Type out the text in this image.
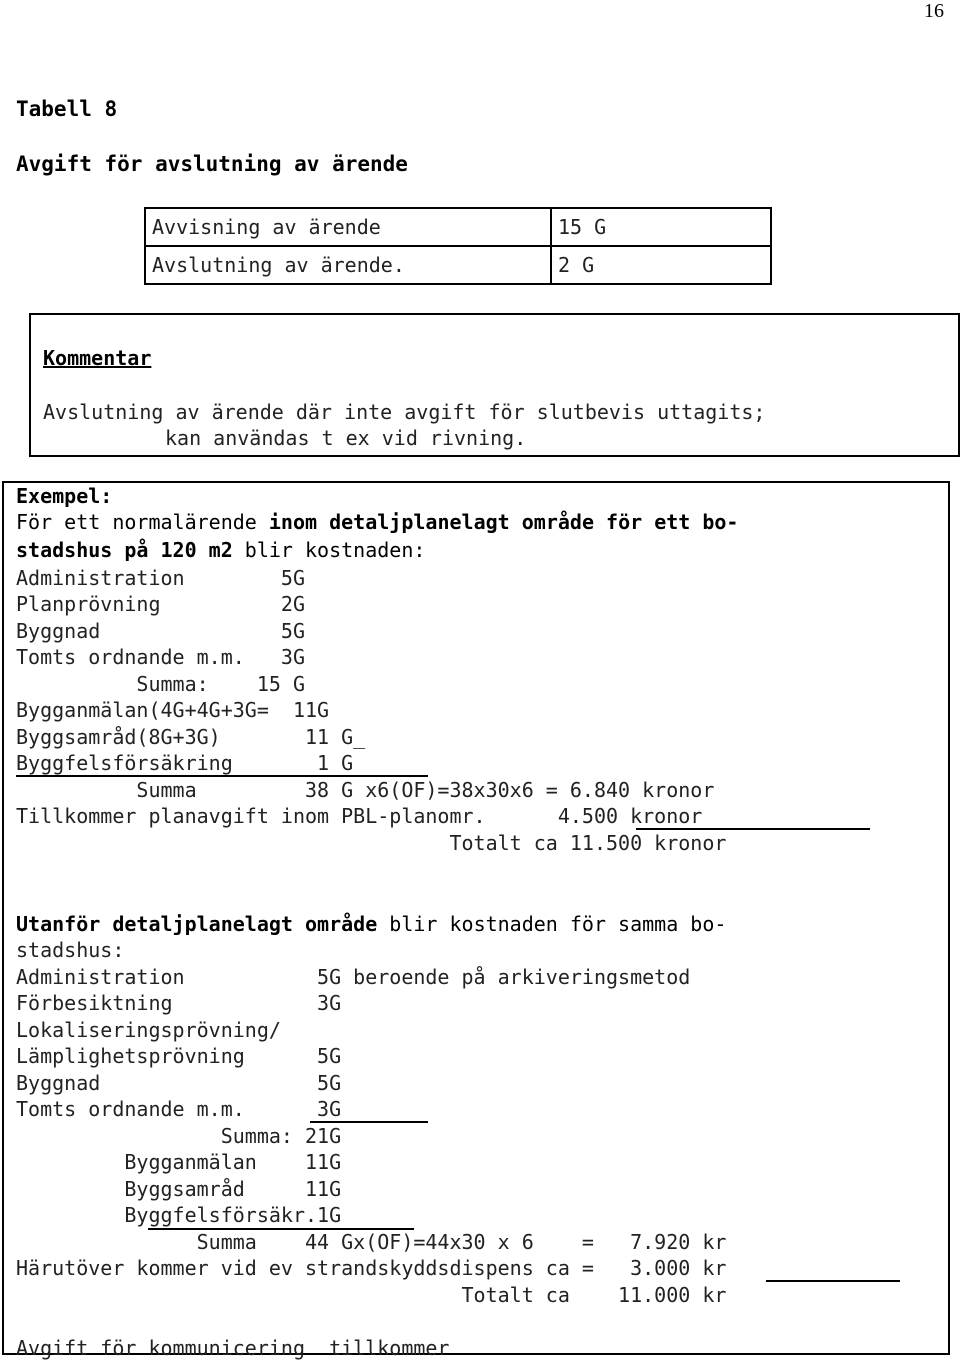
16
Tabell 8
Avgift för avslutning av ärende
Avvisning av ärende	15 G
Avslutning av ärende.	2 G
Kommentar
Avslutning av ärende där inte avgift för slutbevis uttagits;
kan användas t ex vid rivning.
Exempel:
För ett normalärende inom detaljplanelagt område för ett bo-
stadshus på 120 m2 blir kostnaden:
Administration        5G
Planprövning          2G
Byggnad               5G
Tomts ordnande m.m.   3G
Summa:    15 G
Bygganmälan(4G+4G+3G=  11G
Byggsamråd(8G+3G)       11 G_
Byggfelsförsäkring       1 G
Summa         38 G x6(OF)=38x30x6 = 6.840 kronor
Tillkommer planavgift inom PBL-planomr.      4.500 kronor
Totalt ca 11.500 kronor
Utanför detaljplanelagt område blir kostnaden för samma bo-
stadshus:
Administration           5G beroende på arkiveringsmetod
Förbesiktning            3G
Lokaliseringsprövning/
Lämplighetsprövning      5G
Byggnad                  5G
Tomts ordnande m.m.      3G
Summa: 21G
Bygganmälan    11G
Byggsamråd     11G
Byggfelsförsäkr.1G
Summa    44 Gx(OF)=44x30 x 6    =   7.920 kr
Härutöver kommer vid ev strandskyddsdispens ca =   3.000 kr
Totalt ca    11.000 kr
Avgift för kommunicering  tillkommer
